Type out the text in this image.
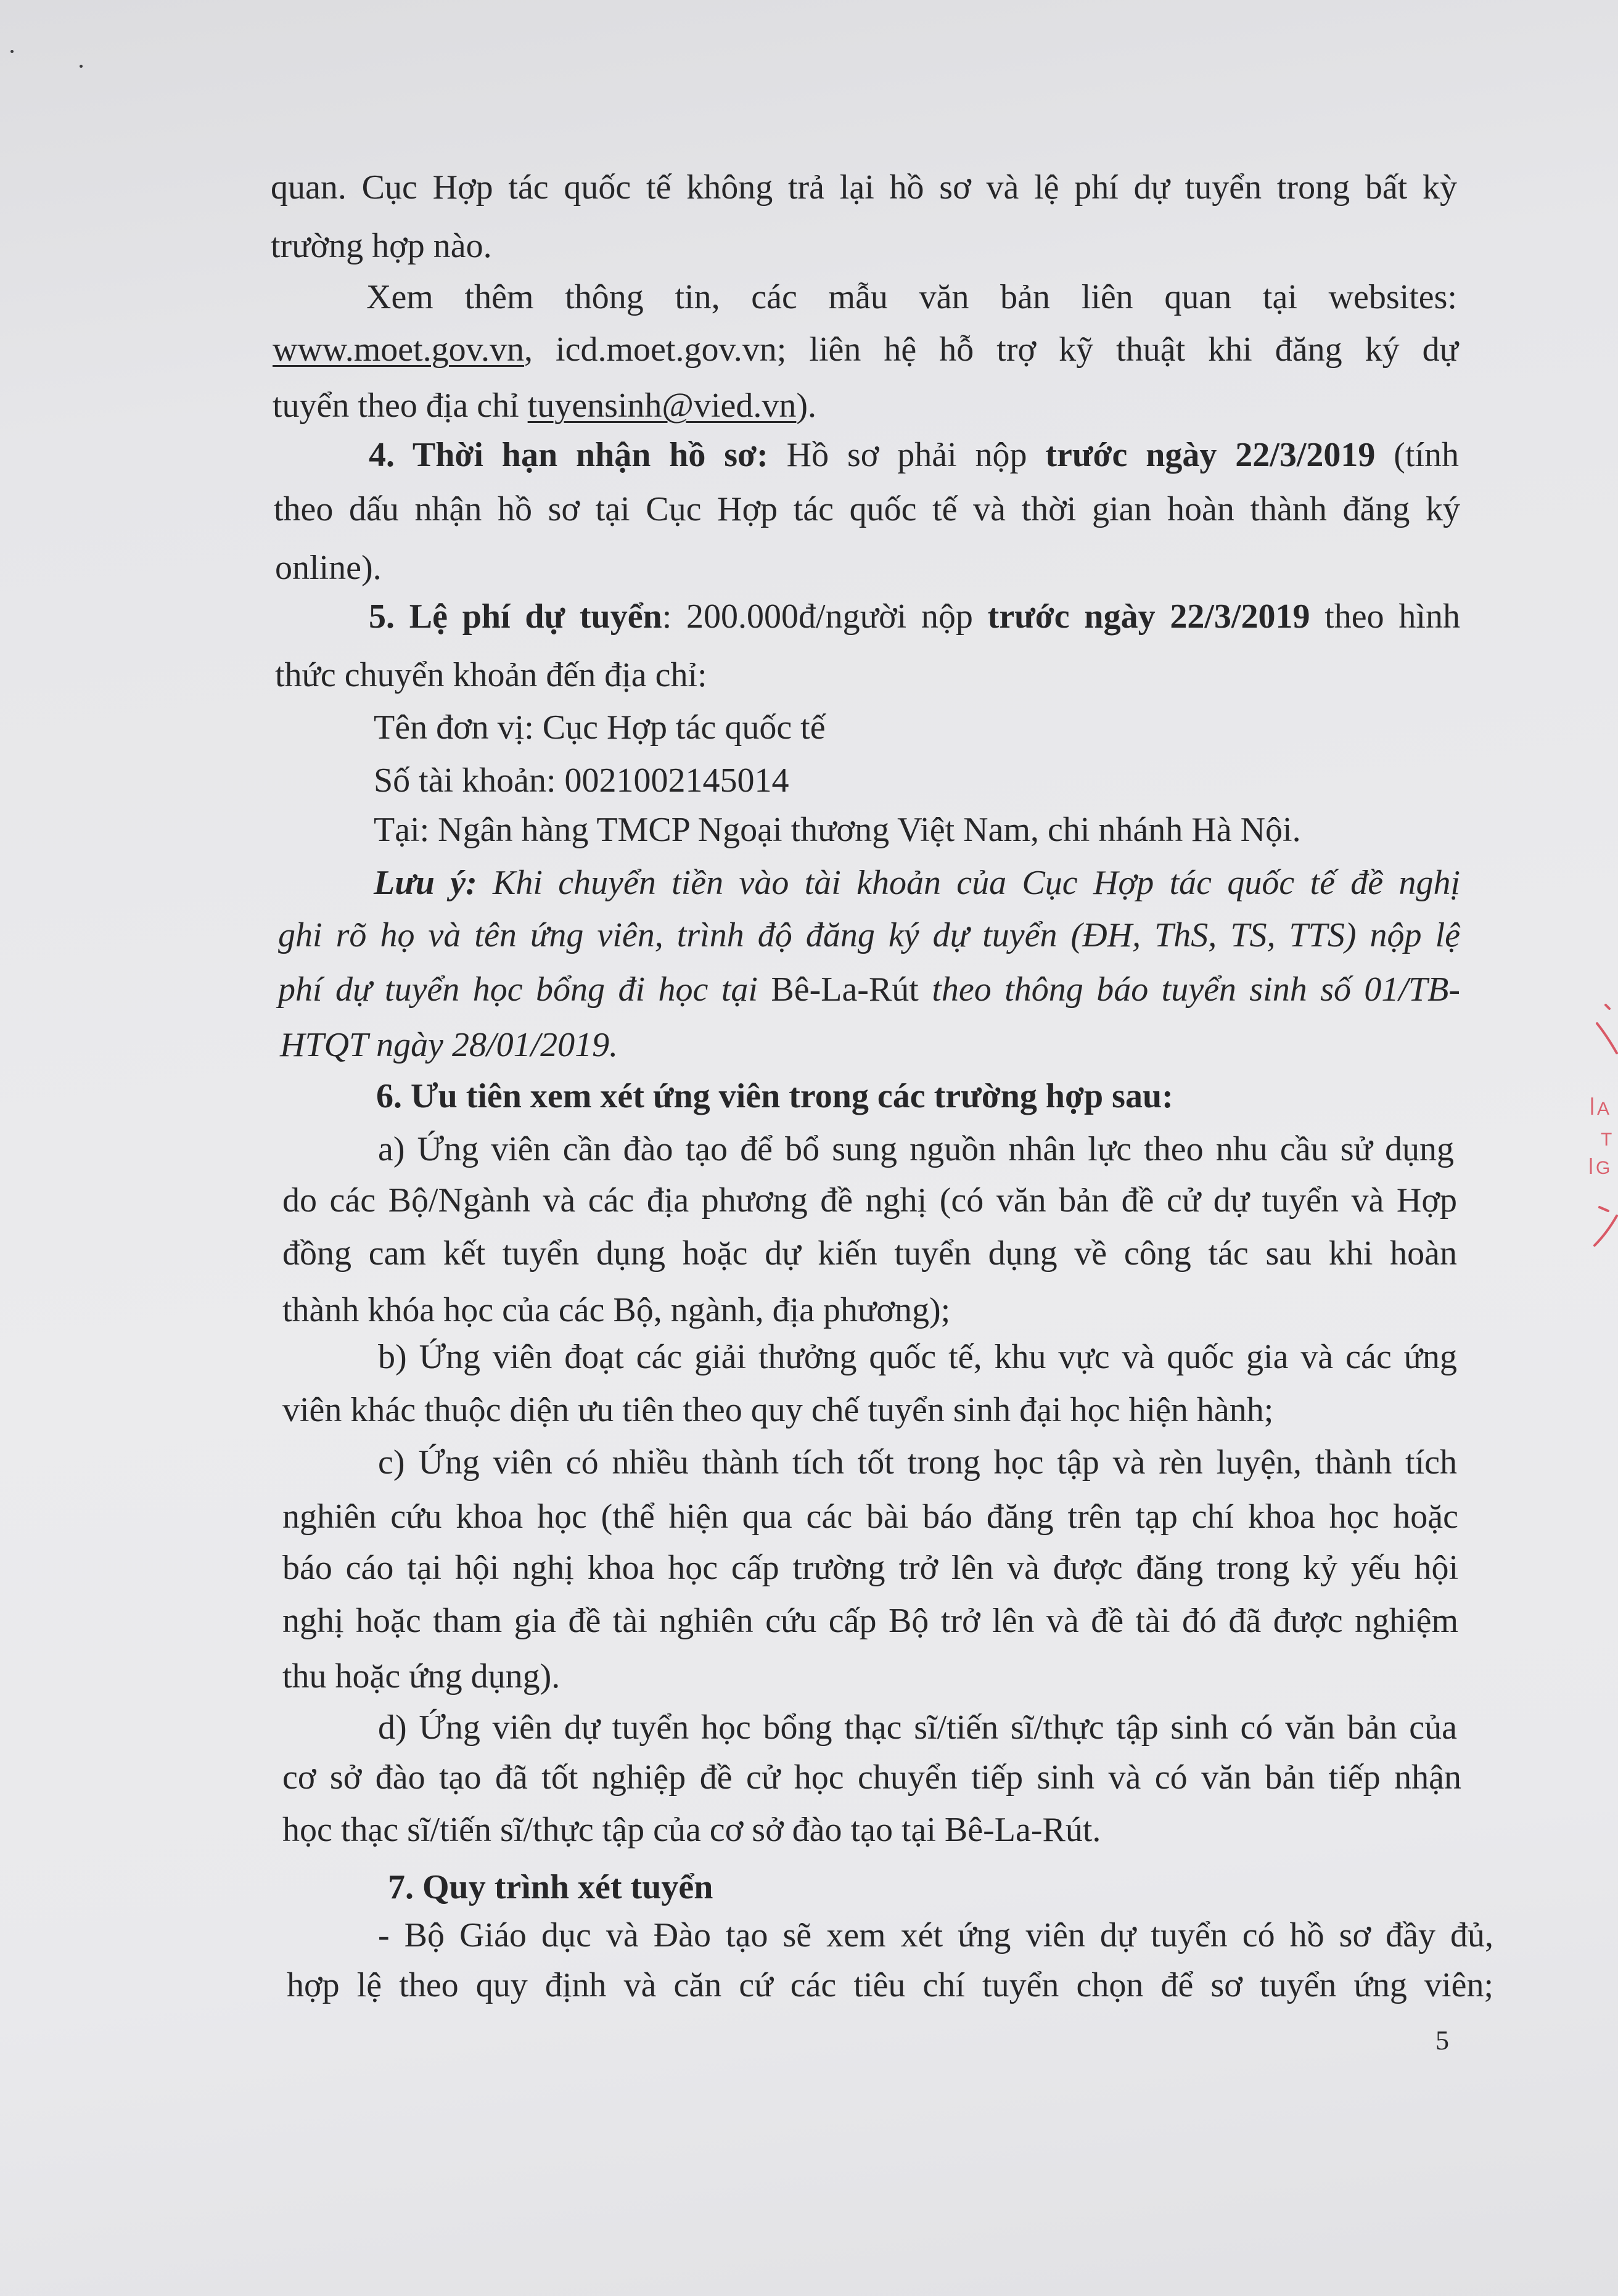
quan. Cục Hợp tác quốc tế không trả lại hồ sơ và lệ phí dự tuyển trong bất kỳ
trường hợp nào.
Xem thêm thông tin, các mẫu văn bản liên quan tại websites:
www.moet.gov.vn, icd.moet.gov.vn; liên hệ hỗ trợ kỹ thuật khi đăng ký dự
tuyển theo địa chỉ tuyensinh@vied.vn).
4. Thời hạn nhận hồ sơ: Hồ sơ phải nộp trước ngày 22/3/2019 (tính
theo dấu nhận hồ sơ tại Cục Hợp tác quốc tế và thời gian hoàn thành đăng ký
online).
5. Lệ phí dự tuyển: 200.000đ/người nộp trước ngày 22/3/2019 theo hình
thức chuyển khoản đến địa chỉ:
Tên đơn vị: Cục Hợp tác quốc tế
Số tài khoản: 0021002145014
Tại: Ngân hàng TMCP Ngoại thương Việt Nam, chi nhánh Hà Nội.
Lưu ý: Khi chuyển tiền vào tài khoản của Cục Hợp tác quốc tế đề nghị
ghi rõ họ và tên ứng viên, trình độ đăng ký dự tuyển (ĐH, ThS, TS, TTS) nộp lệ
phí dự tuyển học bổng đi học tại Bê-La-Rút theo thông báo tuyển sinh số 01/TB-
HTQT ngày 28/01/2019.
6. Ưu tiên xem xét ứng viên trong các trường hợp sau:
a) Ứng viên cần đào tạo để bổ sung nguồn nhân lực theo nhu cầu sử dụng
do các Bộ/Ngành và các địa phương đề nghị (có văn bản đề cử dự tuyển và Hợp
đồng cam kết tuyển dụng hoặc dự kiến tuyển dụng về công tác sau khi hoàn
thành khóa học của các Bộ, ngành, địa phương);
b) Ứng viên đoạt các giải thưởng quốc tế, khu vực và quốc gia và các ứng
viên khác thuộc diện ưu tiên theo quy chế tuyển sinh đại học hiện hành;
c) Ứng viên có nhiều thành tích tốt trong học tập và rèn luyện, thành tích
nghiên cứu khoa học (thể hiện qua các bài báo đăng trên tạp chí khoa học hoặc
báo cáo tại hội nghị khoa học cấp trường trở lên và được đăng trong kỷ yếu hội
nghị hoặc tham gia đề tài nghiên cứu cấp Bộ trở lên và đề tài đó đã được nghiệm
thu hoặc ứng dụng).
d) Ứng viên dự tuyển học bổng thạc sĩ/tiến sĩ/thực tập sinh có văn bản của
cơ sở đào tạo đã tốt nghiệp đề cử học chuyển tiếp sinh và có văn bản tiếp nhận
học thạc sĩ/tiến sĩ/thực tập của cơ sở đào tạo tại Bê-La-Rút.
7. Quy trình xét tuyển
- Bộ Giáo dục và Đào tạo sẽ xem xét ứng viên dự tuyển có hồ sơ đầy đủ,
hợp lệ theo quy định và căn cứ các tiêu chí tuyển chọn để sơ tuyển ứng viên;
5
A
T
G
